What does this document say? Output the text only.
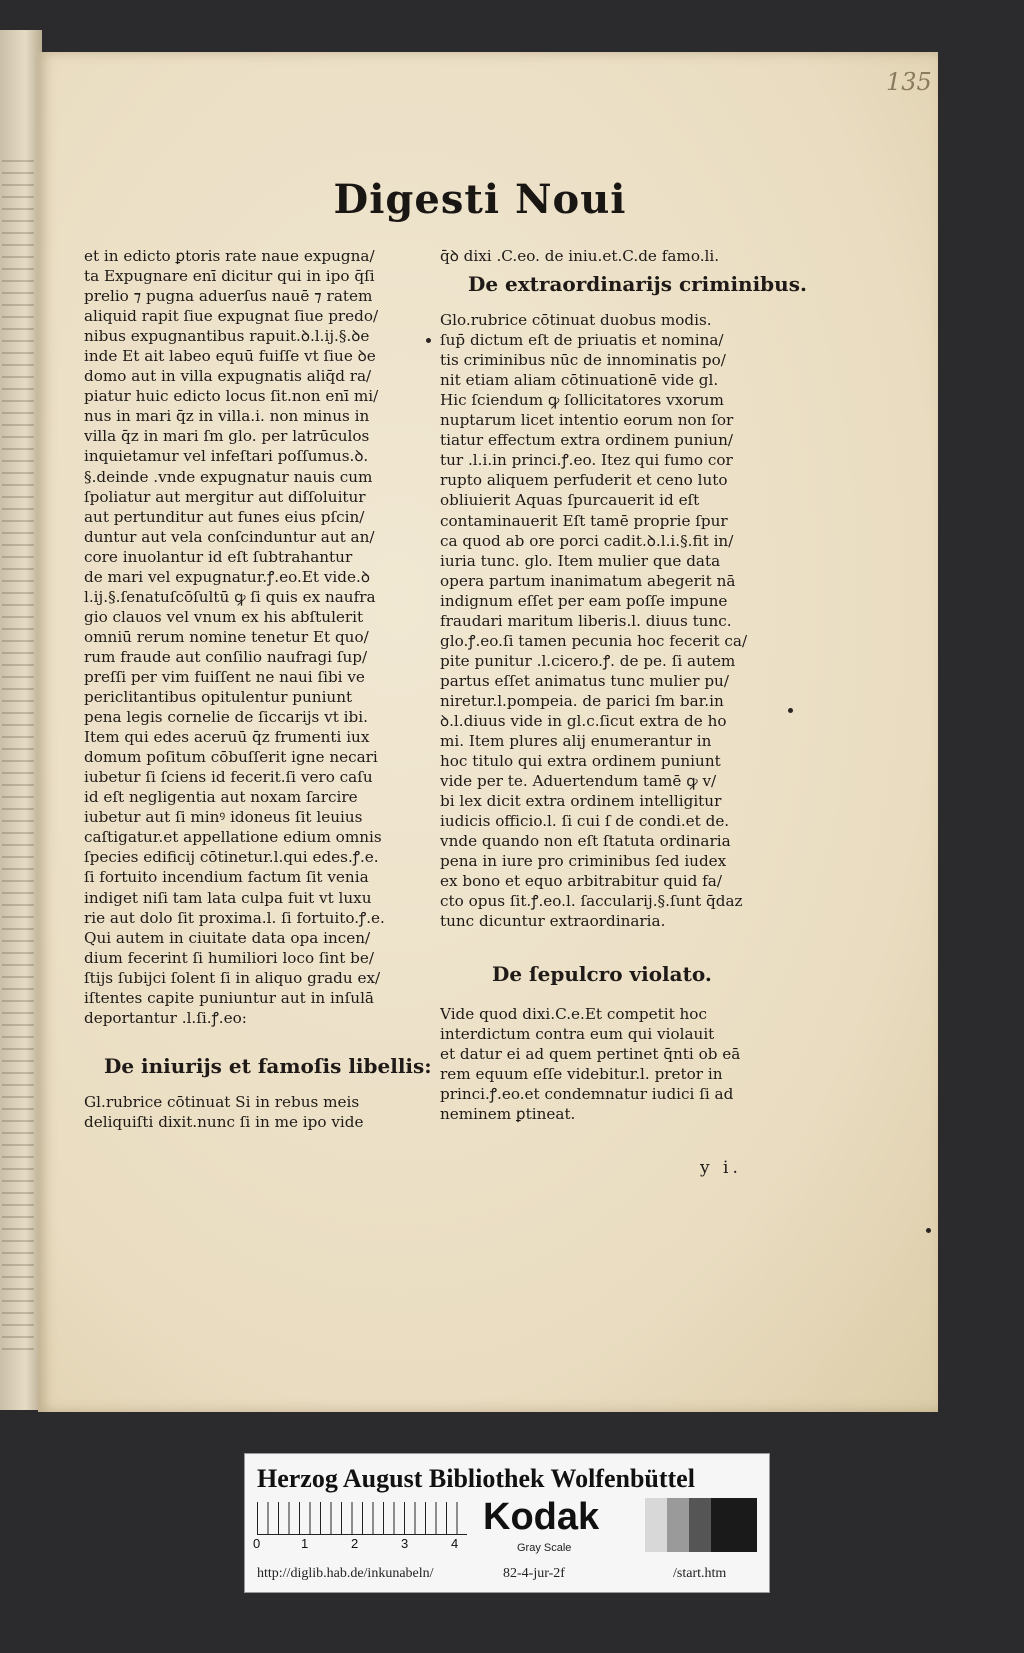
135
Digesti Noui
et in edicto ꝑtoris rate naue expugna/
ta Expugnare enī dicitur qui in ipo q̄ſi
prelio ⁊ pugna aduerſus nauē ⁊ ratem
aliquid rapit ſiue expugnat ſiue predo/
nibus expugnantibus rapuit.ꝺ.l.ij.§.ꝺe
inde Et ait labeo equū fuiſſe vt ſiue ꝺe
domo aut in villa expugnatis aliq̄d ra/
piatur huic edicto locus ſit.non enī mi/
nus in mari q̄z in villa.i. non minus in
villa q̄z in mari ſm glo. per latrūculos
inquietamur vel infeſtari poſſumus.ꝺ.
§.deinde .vnde expugnatur nauis cum
ſpoliatur aut mergitur aut diſſoluitur
aut pertunditur aut funes eius pſcin/
duntur aut vela conſcinduntur aut an/
core inuolantur id eſt ſubtrahantur
de mari vel expugnatur.ꝭ.eo.Et vide.ꝺ
l.ij.§.ſenatuſcōſultū ꝙ ſi quis ex naufra
gio clauos vel vnum ex his abſtulerit
omniū rerum nomine tenetur Et quo/
rum fraude aut conſilio naufragi ſup/
preſſi per vim fuiſſent ne naui ſibi ve
periclitantibus opitulentur puniunt
pena legis cornelie de ſiccarijs vt ibi.
Item qui edes aceruū q̄z frumenti iux
domum poſitum cōbuſſerit igne necari
iubetur ſi ſciens id fecerit.ſi vero caſu
id eſt negligentia aut noxam ſarcire
iubetur aut ſi minꝰ idoneus ſit leuius
caſtigatur.et appellatione edium omnis
ſpecies edificij cōtinetur.l.qui edes.ꝭ.e.
ſi fortuito incendium factum ſit venia
indiget niſi tam lata culpa fuit vt luxu
rie aut dolo ſit proxima.l. ſi fortuito.ꝭ.e.
Qui autem in ciuitate data opa incen/
dium fecerint ſi humiliori loco ſint be/
ſtijs ſubijci ſolent ſi in aliquo gradu ex/
iſtentes capite puniuntur aut in inſulā
deportantur .l.ſi.ꝭ.eo:
De iniurijs et famoſis libellis:
Gl.rubrice cōtinuat Si in rebus meis
deliquiſti dixit.nunc ſi in me ipo vide
q̄ꝺ dixi .C.eo. de iniu.et.C.de famo.li.
De extraordinarijs criminibus.
Glo.rubrice cōtinuat duobus modis.
ſup̄ dictum eſt de priuatis et nomina/
tis criminibus nūc de innominatis po/
nit etiam aliam cōtinuationē vide gl.
Hic ſciendum ꝙ ſollicitatores vxorum
nuptarum licet intentio eorum non ſor
tiatur effectum extra ordinem puniun/
tur .l.i.in princi.ꝭ.eo. Itez qui fumo cor
rupto aliquem perfuderit et ceno luto
obliuierit Aquas ſpurcauerit id eſt
contaminauerit Eſt tamē proprie ſpur
ca quod ab ore porci cadit.ꝺ.l.i.§.fit in/
iuria tunc. glo. Item mulier que data
opera partum inanimatum abegerit nā
indignum eſſet per eam poſſe impune
fraudari maritum liberis.l. diuus tunc.
glo.ꝭ.eo.ſi tamen pecunia hoc fecerit ca/
pite punitur .l.cicero.ꝭ. de pe. ſi autem
partus eſſet animatus tunc mulier pu/
niretur.l.pompeia. de parici ſm bar.in
ꝺ.l.diuus vide in gl.c.ſicut extra de ho
mi. Item plures alij enumerantur in
hoc titulo qui extra ordinem puniunt
vide per te. Aduertendum tamē ꝙ v/
bi lex dicit extra ordinem intelligitur
iudicis officio.l. ſi cui ſ de condi.et de.
vnde quando non eſt ſtatuta ordinaria
pena in iure pro criminibus ſed iudex
ex bono et equo arbitrabitur quid fa/
cto opus ſit.ꝭ.eo.l. ſaccularij.§.ſunt q̄daz
tunc dicuntur extraordinaria.
De ſepulcro violato.
Vide quod dixi.C.e.Et competit hoc
interdictum contra eum qui violauit
et datur ei ad quem pertinet q̄nti ob eā
rem equum eſſe videbitur.l. pretor in
princi.ꝭ.eo.et condemnatur iudici ſi ad
neminem ꝑtineat.
y i.
Herzog August Bibliothek Wolfenbüttel
0	1	2	3	4
Kodak
Gray Scale
http://diglib.hab.de/inkunabeln/	82-4-jur-2f	/start.htm
